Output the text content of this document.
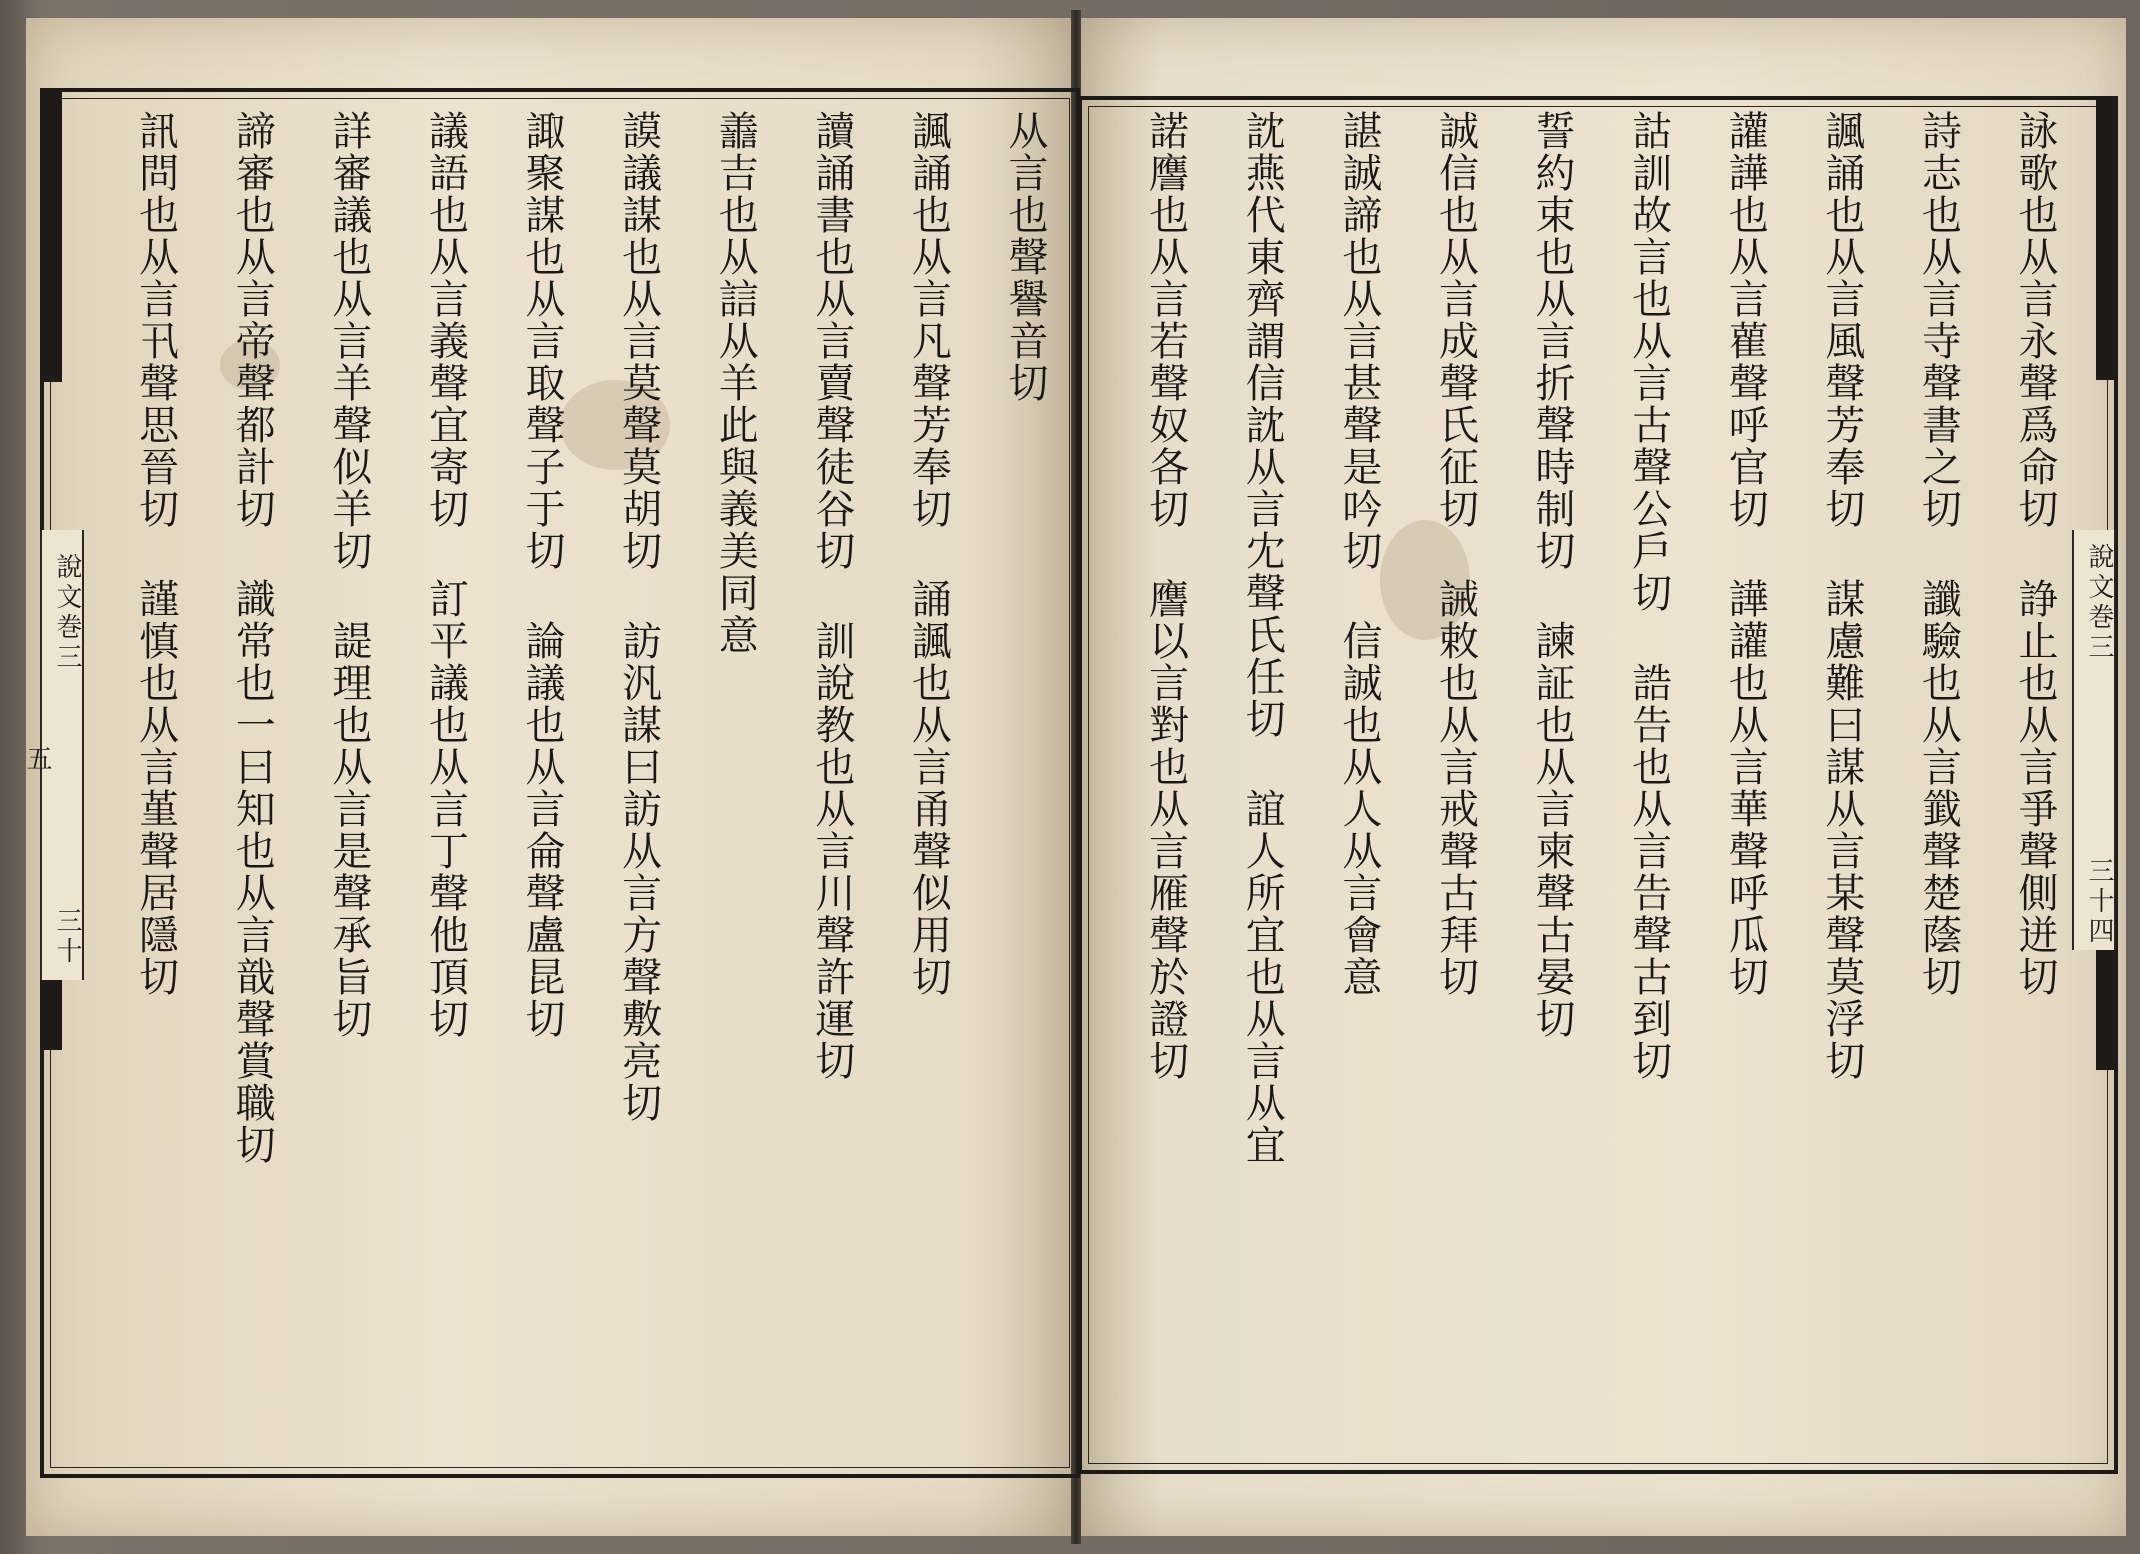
說文巻三 三十五
說文巻三 三十四
詠歌也从言永聲爲命切 諍止也从言爭聲側迸切
詩志也从言寺聲書之切 讖驗也从言韱聲楚蔭切
諷誦也从言風聲芳奉切 謀慮難曰謀从言某聲莫浮切
讙譁也从言雚聲呼官切 譁讙也从言華聲呼瓜切
詁訓故言也从言古聲公戶切 誥告也从言告聲古到切
誓約束也从言折聲時制切 諫証也从言柬聲古晏切
誠信也从言成聲氏征切 誡敕也从言戒聲古拜切
諶誠諦也从言甚聲是吟切 信誠也从人从言會意
訦燕代東齊謂信訦从言冘聲氏任切 誼人所宜也从言从宜
諾譍也从言若聲奴各切 譍以言對也从言雁聲於證切
从言也聲譽音切
諷誦也从言凡聲芳奉切 誦諷也从言甬聲似用切
讀誦書也从言賣聲徒谷切 訓說教也从言川聲許運切
譱吉也从誩从羊此與義美同意
謨議謀也从言莫聲莫胡切 訪汎謀曰訪从言方聲敷亮切
諏聚謀也从言取聲子于切 論議也从言侖聲盧昆切
議語也从言義聲宜寄切 訂平議也从言丁聲他頂切
詳審議也从言羊聲似羊切 諟理也从言是聲承旨切
諦審也从言帝聲都計切 識常也一曰知也从言戠聲賞職切
訊問也从言卂聲思晉切 謹慎也从言堇聲居隱切
